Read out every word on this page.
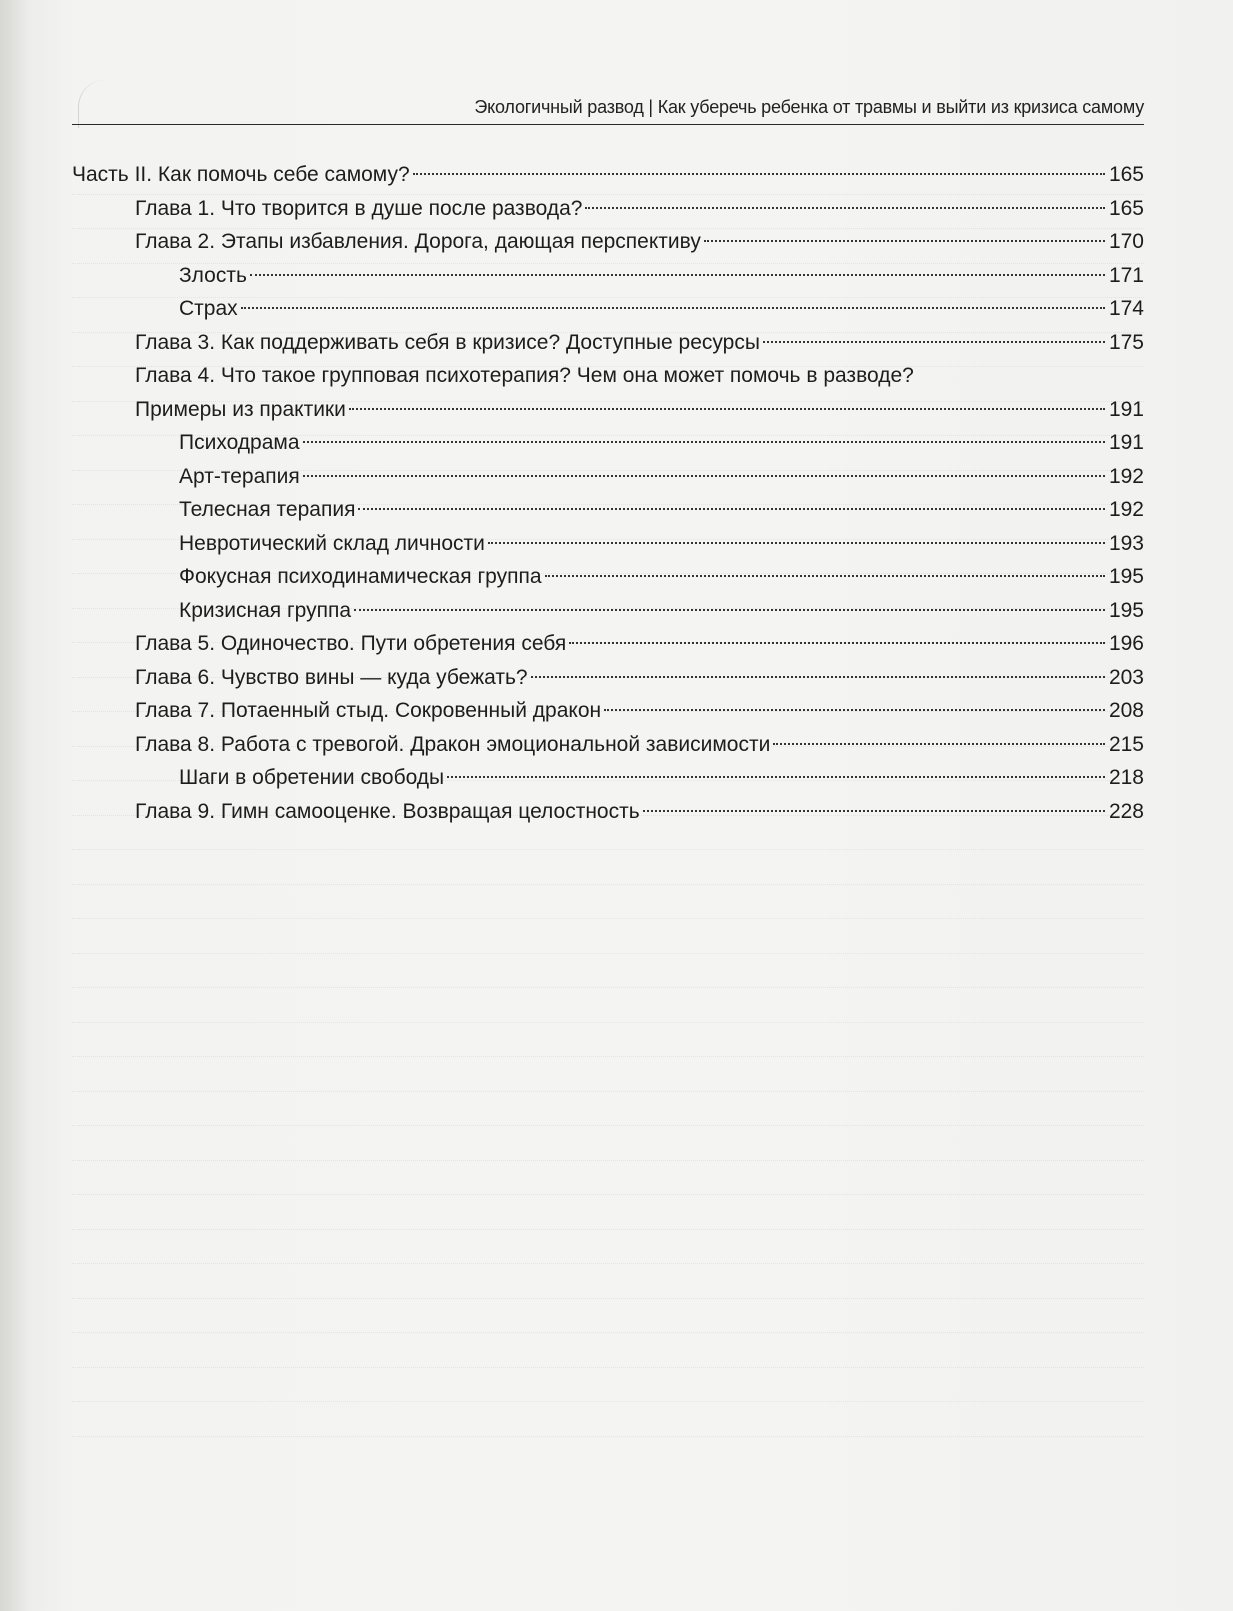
Экологичный развод | Как уберечь ребенка от травмы и выйти из кризиса самому
Часть II. Как помочь себе самому?	165
Глава 1. Что творится в душе после развода?	165
Глава 2. Этапы избавления. Дорога, дающая перспективу	170
Злость	171
Страх	174
Глава 3. Как поддерживать себя в кризисе? Доступные ресурсы	175
Глава 4. Что такое групповая психотерапия? Чем она может помочь в разводе?
Примеры из практики	191
Психодрама	191
Арт-терапия	192
Телесная терапия	192
Невротический склад личности	193
Фокусная психодинамическая группа	195
Кризисная группа	195
Глава 5. Одиночество. Пути обретения себя	196
Глава 6. Чувство вины — куда убежать?	203
Глава 7. Потаенный стыд. Сокровенный дракон	208
Глава 8. Работа с тревогой. Дракон эмоциональной зависимости	215
Шаги в обретении свободы	218
Глава 9. Гимн самооценке. Возвращая целостность	228
